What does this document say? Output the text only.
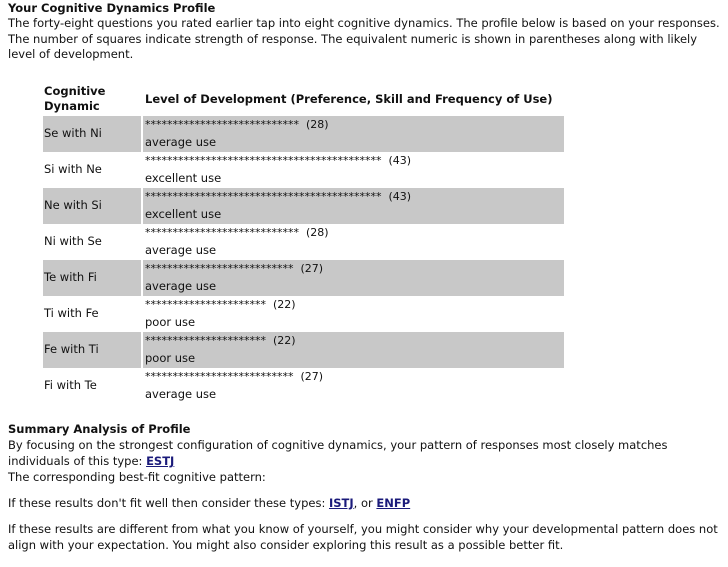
Your Cognitive Dynamics Profile

The forty-eight questions you rated earlier tap into eight cognitive dynamics. The profile below is based on your responses. The number of squares indicate strength of response. The equivalent numeric is shown in parentheses along with likely level of development.

Cognitive Dynamic	Level of Development (Preference, Skill and Frequency of Use)
Se with Ni
**************************** (28)
average use
Si with Ne
******************************************* (43)
excellent use
Ne with Si
******************************************* (43)
excellent use
Ni with Se
**************************** (28)
average use
Te with Fi
*************************** (27)
average use
Ti with Fe
********************** (22)
poor use
Fe with Ti
********************** (22)
poor use
Fi with Te
*************************** (27)
average use

Summary Analysis of Profile

By focusing on the strongest configuration of cognitive dynamics, your pattern of responses most closely matches individuals of this type: ESTJ

The corresponding best-fit cognitive pattern:

If these results don't fit well then consider these types: ISTJ, or ENFP

If these results are different from what you know of yourself, you might consider why your developmental pattern does not align with your expectation. You might also consider exploring this result as a possible better fit.
